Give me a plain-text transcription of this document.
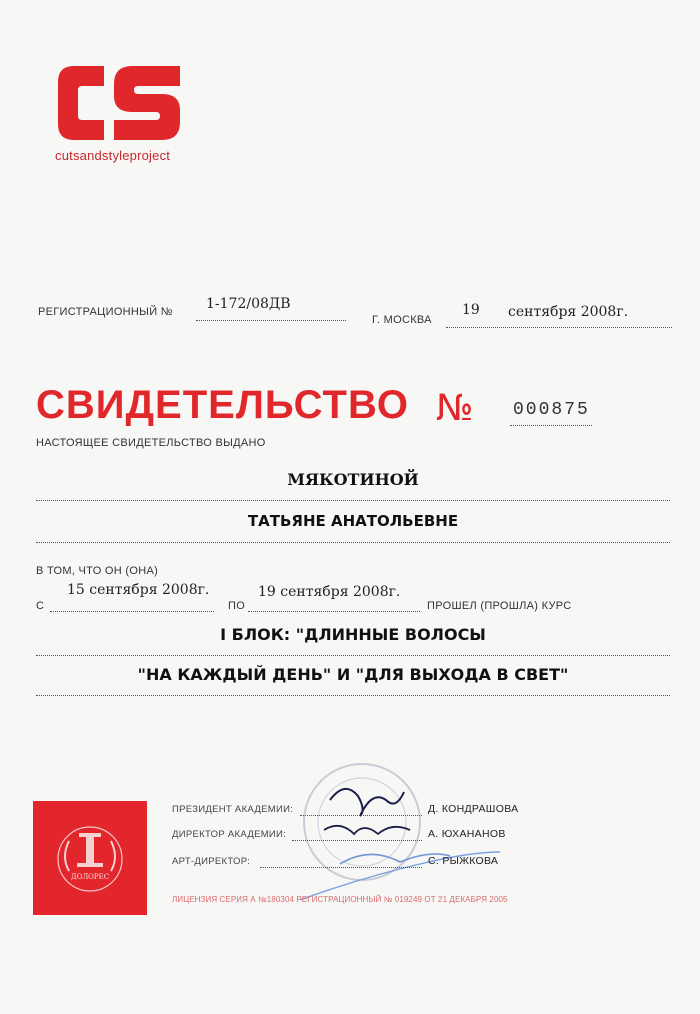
cutsandstyleproject
РЕГИСТРАЦИОННЫЙ № 1-172/08ДВ
Г. МОСКВА
19 сентября 2008г.
СВИДЕТЕЛЬСТВО № 000875
НАСТОЯЩЕЕ СВИДЕТЕЛЬСТВО ВЫДАНО
МЯКОТИНОЙ
ТАТЬЯНЕ АНАТОЛЬЕВНЕ
В ТОМ, ЧТО ОН (ОНА)
С
15 сентября 2008г.
ПО
19 сентября 2008г.
ПРОШЕЛ (ПРОШЛА) КУРС
I БЛОК: "ДЛИННЫЕ ВОЛОСЫ
"НА КАЖДЫЙ ДЕНЬ" И "ДЛЯ ВЫХОДА В СВЕТ"
ДОЛОРЕС
ПРЕЗИДЕНТ АКАДЕМИИ:	Д. КОНДРАШОВА
ДИРЕКТОР АКАДЕМИИ:	А. ЮХАНАНОВ
АРТ-ДИРЕКТОР:	С. РЫЖКОВА
ЛИЦЕНЗИЯ СЕРИЯ А №180304 РЕГИСТРАЦИОННЫЙ № 019249 ОТ 21 ДЕКАБРЯ 2005
